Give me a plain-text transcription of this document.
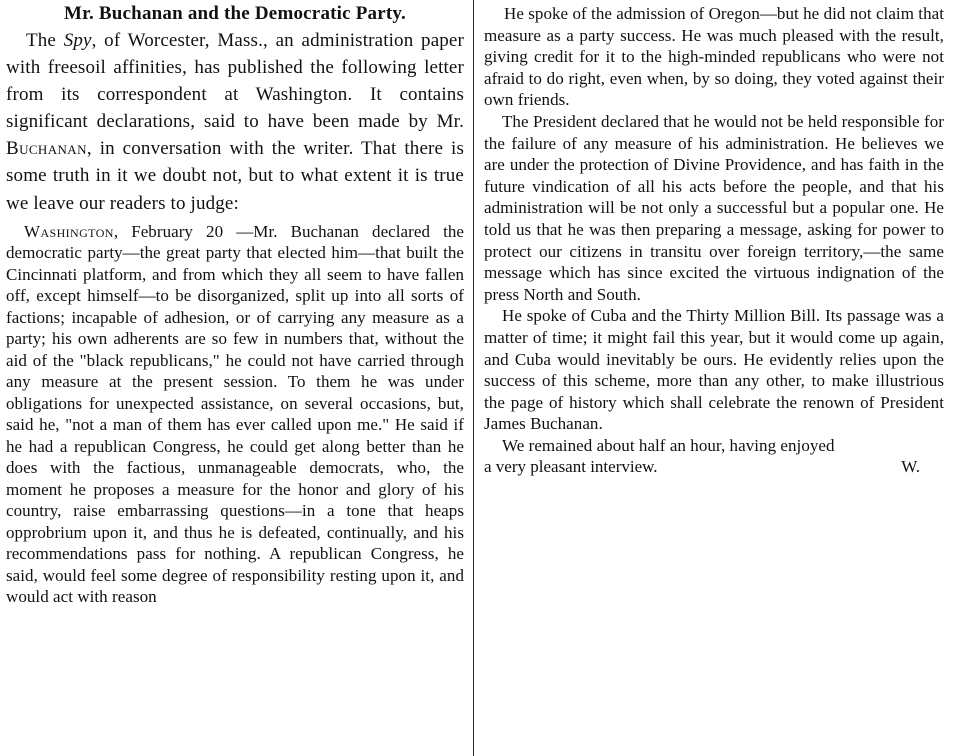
Mr. Buchanan and the Democratic Party.

The Spy, of Worcester, Mass., an administration paper with freesoil affinities, has published the following letter from its correspondent at Washington. It contains significant declarations, said to have been made by Mr. Buchanan, in conversation with the writer. That there is some truth in it we doubt not, but to what extent it is true we leave our readers to judge:

Washington, February 20 —Mr. Buchanan declared the democratic party—the great party that elected him—that built the Cincinnati platform, and from which they all seem to have fallen off, except himself—to be disorganized, split up into all sorts of factions; incapable of adhesion, or of carrying any measure as a party; his own adherents are so few in numbers that, without the aid of the "black republicans," he could not have carried through any measure at the present session. To them he was under obligations for unexpected assistance, on several occasions, but, said he, "not a man of them has ever called upon me." He said if he had a republican Congress, he could get along better than he does with the factious, unmanageable democrats, who, the moment he proposes a measure for the honor and glory of his country, raise embarrassing questions—in a tone that heaps opprobrium upon it, and thus he is defeated, continually, and his recommendations pass for nothing. A republican Congress, he said, would feel some degree of responsibility resting upon it, and would act with reason

He spoke of the admission of Oregon—but he did not claim that measure as a party success. He was much pleased with the result, giving credit for it to the high-minded republicans who were not afraid to do right, even when, by so doing, they voted against their own friends.

The President declared that he would not be held responsible for the failure of any measure of his administration. He believes we are under the protection of Divine Providence, and has faith in the future vindication of all his acts before the people, and that his administration will be not only a successful but a popular one. He told us that he was then preparing a message, asking for power to protect our citizens in transitu over foreign territory,—the same message which has since excited the virtuous indignation of the press North and South.

He spoke of Cuba and the Thirty Million Bill. Its passage was a matter of time; it might fail this year, but it would come up again, and Cuba would inevitably be ours. He evidently relies upon the success of this scheme, more than any other, to make illustrious the page of history which shall celebrate the renown of President James Buchanan.

We remained about half an hour, having enjoyed

a very pleasant interview.	W.
